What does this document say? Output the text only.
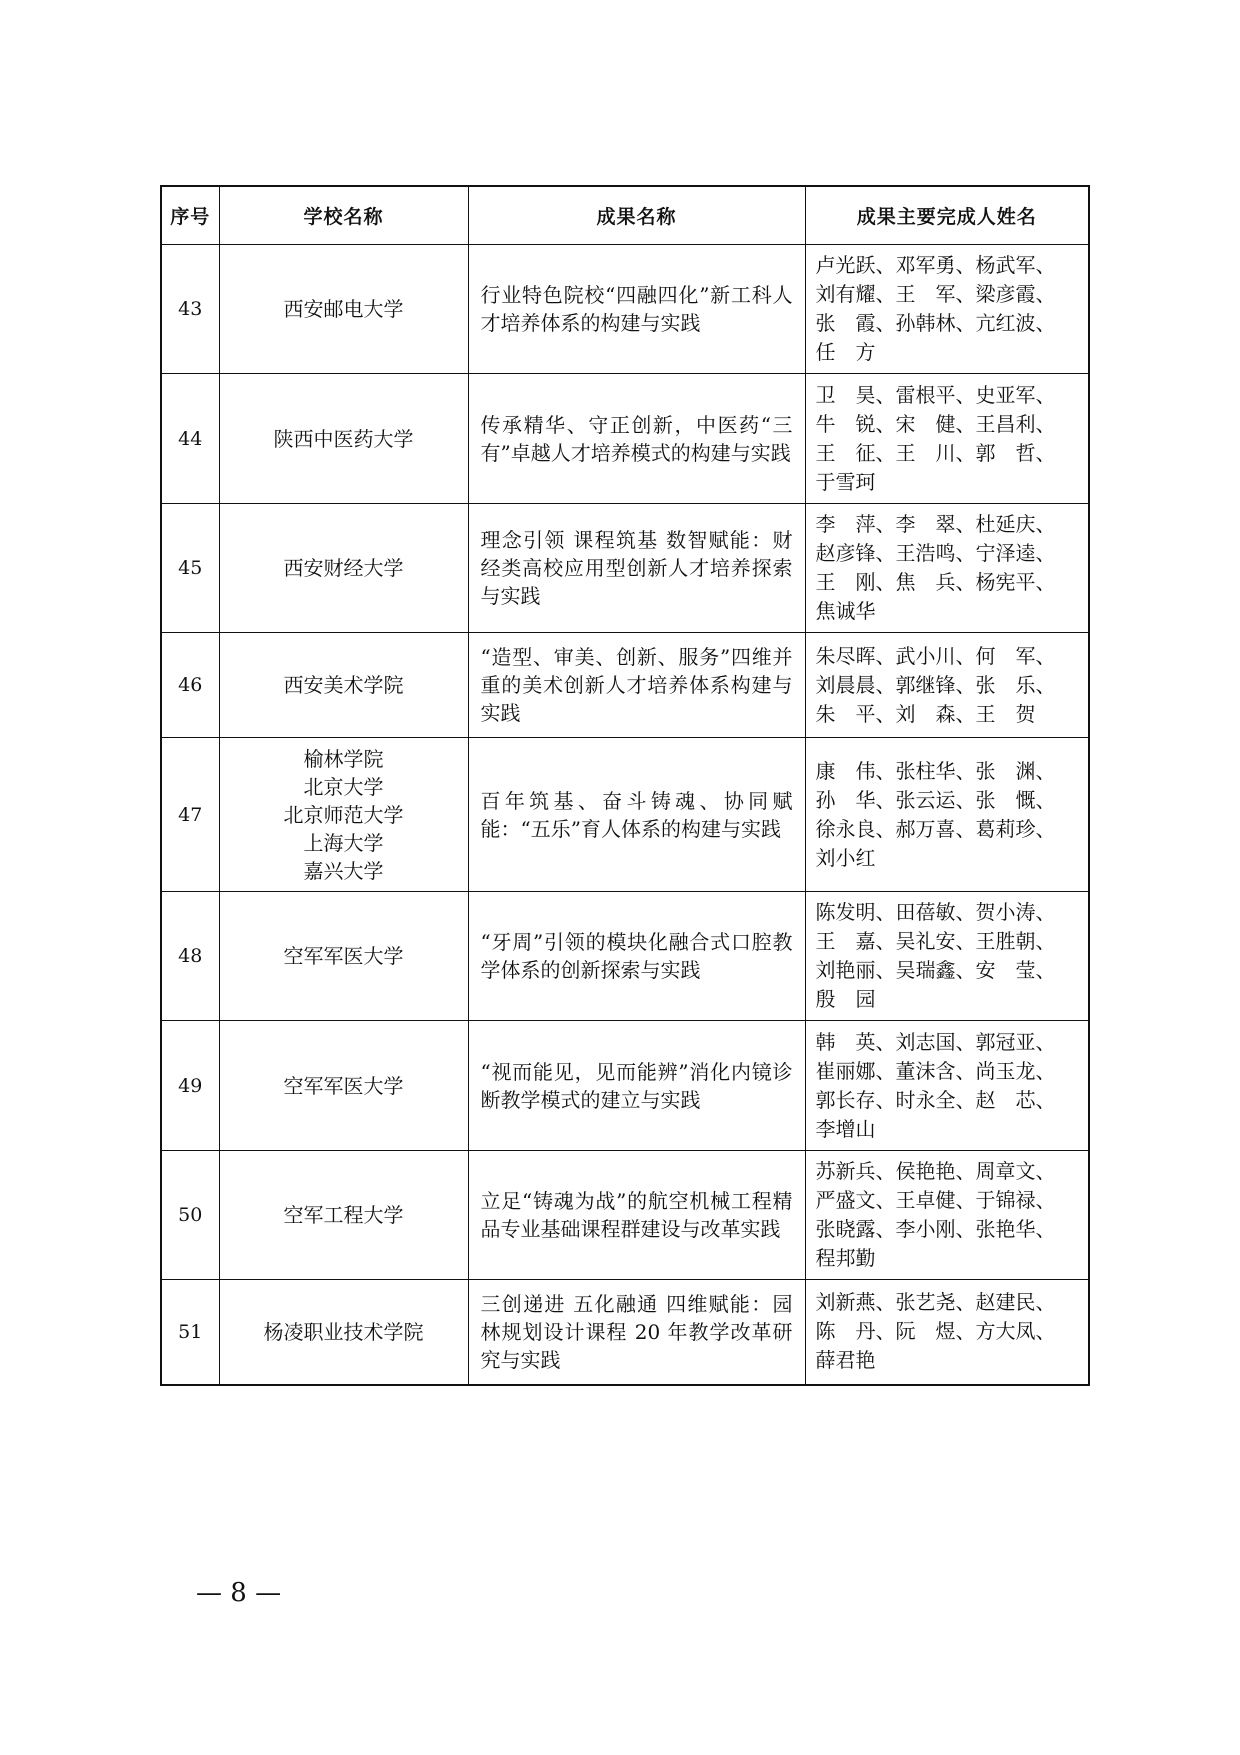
序号	学校名称	成果名称	成果主要完成人姓名
43	西安邮电大学	行业特色院校“四融四化”新工科人才培养体系的构建与实践	卢光跃、邓军勇、杨武军、
刘有耀、王　军、梁彦霞、
张　霞、孙韩林、亢红波、
任　方

44	陕西中医药大学	传承精华、守正创新，中医药“三有”卓越人才培养模式的构建与实践	卫　昊、雷根平、史亚军、
牛　锐、宋　健、王昌利、
王　征、王　川、郭　哲、
于雪珂

45	西安财经大学	理念引领 课程筑基 数智赋能：财经类高校应用型创新人才培养探索与实践	李　萍、李　翠、杜延庆、
赵彦锋、王浩鸣、宁泽逵、
王　刚、焦　兵、杨宪平、
焦诚华

46	西安美术学院	“造型、审美、创新、服务”四维并重的美术创新人才培养体系构建与实践	朱尽晖、武小川、何　军、
刘晨晨、郭继锋、张　乐、
朱　平、刘　森、王　贺

47	榆林学院
北京大学
北京师范大学
上海大学
嘉兴大学	百年筑基、奋斗铸魂、协同赋能：“五乐”育人体系的构建与实践	康　伟、张柱华、张　渊、
孙　华、张云运、张　慨、
徐永良、郝万喜、葛莉珍、
刘小红

48	空军军医大学	“牙周”引领的模块化融合式口腔教学体系的创新探索与实践	陈发明、田蓓敏、贺小涛、
王　嘉、吴礼安、王胜朝、
刘艳丽、吴瑞鑫、安　莹、
殷　园

49	空军军医大学	“视而能见，见而能辨”消化内镜诊断教学模式的建立与实践	韩　英、刘志国、郭冠亚、
崔丽娜、董沫含、尚玉龙、
郭长存、时永全、赵　芯、
李增山

50	空军工程大学	立足“铸魂为战”的航空机械工程精品专业基础课程群建设与改革实践	苏新兵、侯艳艳、周章文、
严盛文、王卓健、于锦禄、
张晓露、李小刚、张艳华、
程邦勤

51	杨凌职业技术学院	三创递进 五化融通 四维赋能：园林规划设计课程 20 年教学改革研究与实践	刘新燕、张艺尧、赵建民、
陈　丹、阮　煜、方大凤、
薛君艳
— 8 —
